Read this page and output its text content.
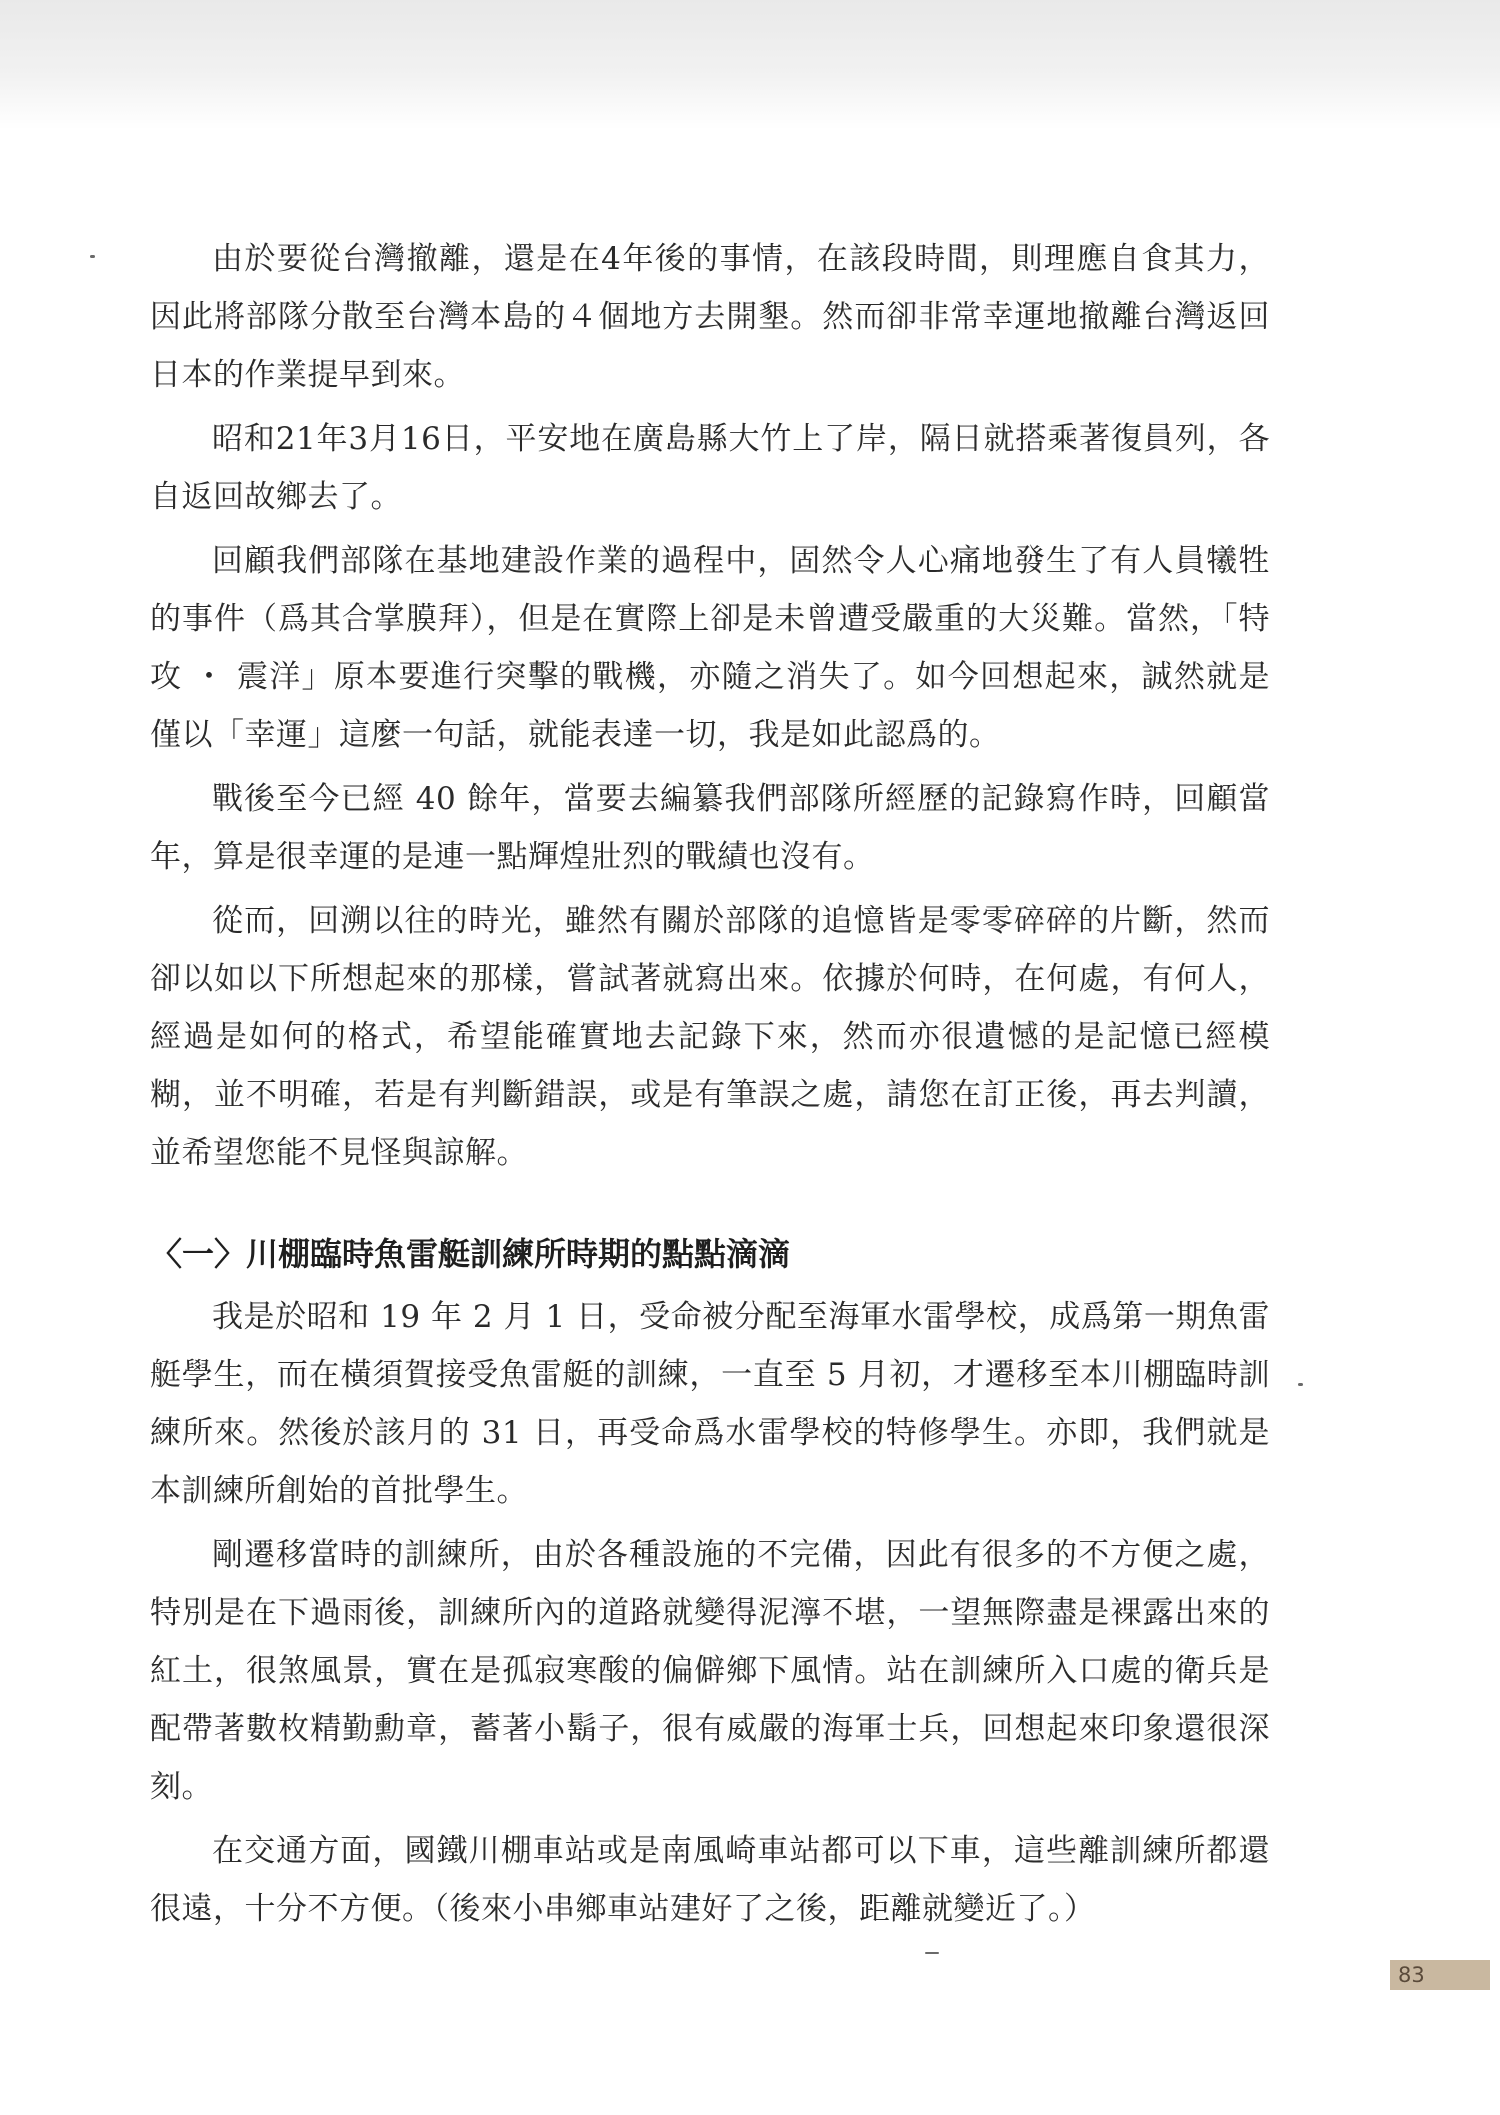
由於要從台灣撤離，還是在4年後的事情，在該段時間，則理應自食其力，因此將部隊分散至台灣本島的４個地方去開墾。然而卻非常幸運地撤離台灣返回日本的作業提早到來。

昭和21年3月16日，平安地在廣島縣大竹上了岸，隔日就搭乘著復員列，各自返回故鄉去了。

回顧我們部隊在基地建設作業的過程中，固然令人心痛地發生了有人員犧牲的事件（爲其合掌膜拜），但是在實際上卻是未曾遭受嚴重的大災難。當然，「特攻 ・ 震洋」原本要進行突擊的戰機，亦隨之消失了。如今回想起來，誠然就是僅以「幸運」這麼一句話，就能表達一切，我是如此認爲的。

戰後至今已經 40 餘年，當要去編纂我們部隊所經歷的記錄寫作時，回顧當年，算是很幸運的是連一點輝煌壯烈的戰績也沒有。

從而，回溯以往的時光，雖然有關於部隊的追憶皆是零零碎碎的片斷，然而卻以如以下所想起來的那樣，嘗試著就寫出來。依據於何時，在何處，有何人，經過是如何的格式，希望能確實地去記錄下來，然而亦很遺憾的是記憶已經模糊，並不明確，若是有判斷錯誤，或是有筆誤之處，請您在訂正後，再去判讀，並希望您能不見怪與諒解。

〈一〉川棚臨時魚雷艇訓練所時期的點點滴滴

我是於昭和 19 年 2 月 1 日，受命被分配至海軍水雷學校，成爲第一期魚雷艇學生，而在橫須賀接受魚雷艇的訓練，一直至 5 月初，才遷移至本川棚臨時訓練所來。然後於該月的 31 日，再受命爲水雷學校的特修學生。亦即，我們就是本訓練所創始的首批學生。

剛遷移當時的訓練所，由於各種設施的不完備，因此有很多的不方便之處，特別是在下過雨後，訓練所內的道路就變得泥濘不堪，一望無際盡是裸露出來的紅土，很煞風景，實在是孤寂寒酸的偏僻鄉下風情。站在訓練所入口處的衛兵是配帶著數枚精勤勳章，蓄著小鬍子，很有威嚴的海軍士兵，回想起來印象還很深刻。

在交通方面，國鐵川棚車站或是南風崎車站都可以下車，這些離訓練所都還很遠，十分不方便。（後來小串鄉車站建好了之後，距離就變近了。）

83
